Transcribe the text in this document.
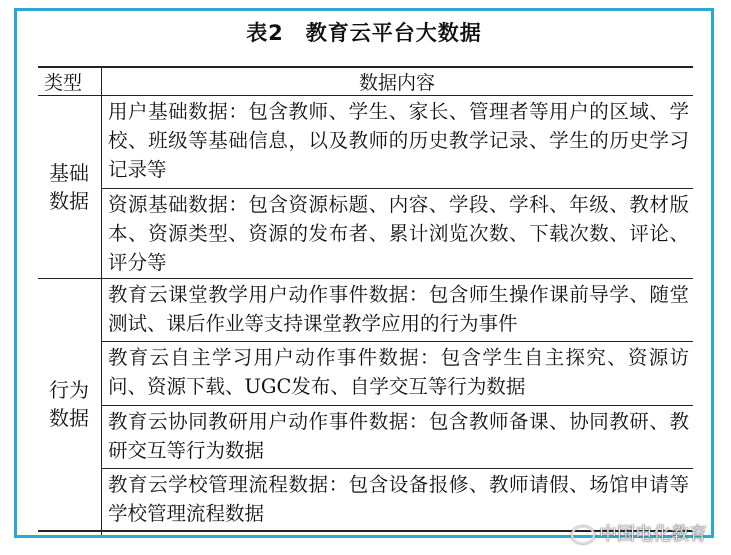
表2　教育云平台大数据
类型	数据内容
基础
数据
用户基础数据：包含教师、学生、家长、管理者等用户的区域、学校、班级等基础信息，以及教师的历史教学记录、学生的历史学习记录等
资源基础数据：包含资源标题、内容、学段、学科、年级、教材版本、资源类型、资源的发布者、累计浏览次数、下载次数、评论、评分等
行为
数据
教育云课堂教学用户动作事件数据：包含师生操作课前导学、随堂测试、课后作业等支持课堂教学应用的行为事件
教育云自主学习用户动作事件数据：包含学生自主探究、资源访问、资源下载、UGC发布、自学交互等行为数据
教育云协同教研用户动作事件数据：包含教师备课、协同教研、教研交互等行为数据
教育云学校管理流程数据：包含设备报修、教师请假、场馆申请等学校管理流程数据
中国电化教育
